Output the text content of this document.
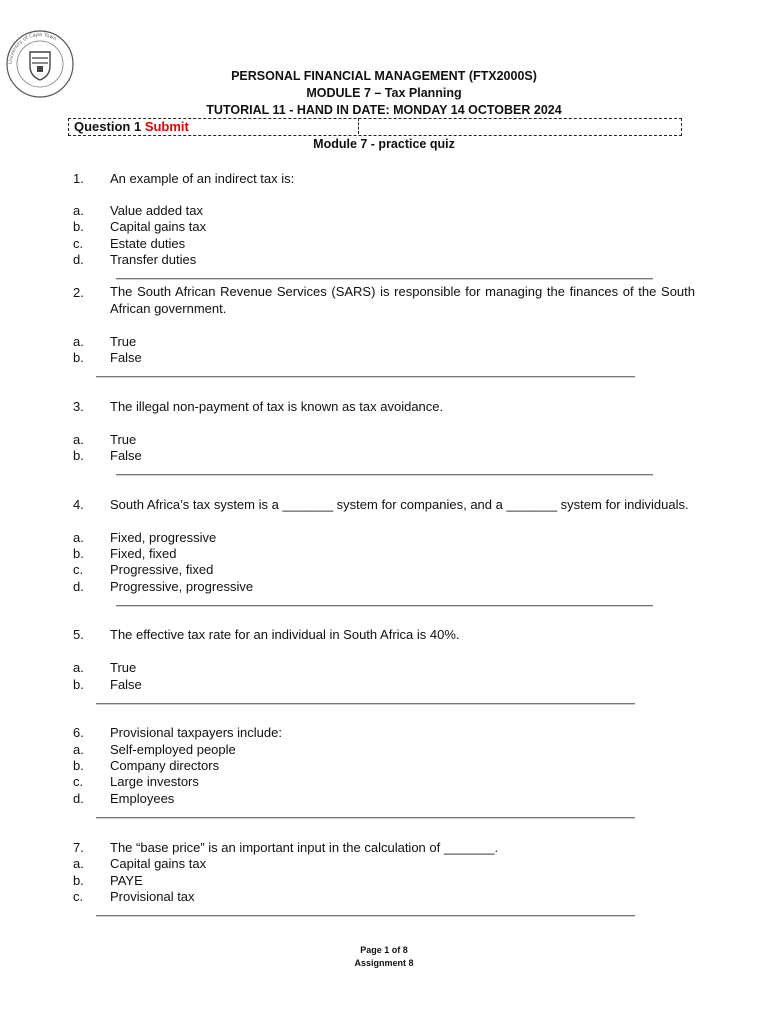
University of Cape Town
PERSONAL FINANCIAL MANAGEMENT (FTX2000S)
MODULE 7 – Tax Planning
TUTORIAL 11 - HAND IN DATE: MONDAY 14 OCTOBER 2024
Question 1 Submit
Module 7 - practice quiz
1. An example of an indirect tax is:
a. Value added tax
b. Capital gains tax
c. Estate duties
d. Transfer duties
2. The South African Revenue Services (SARS) is responsible for managing the finances of the South African government.
a. True
b. False
3. The illegal non-payment of tax is known as tax avoidance.
a. True
b. False
4. South Africa’s tax system is a _______ system for companies, and a _______ system for individuals.
a. Fixed, progressive
b. Fixed, fixed
c. Progressive, fixed
d. Progressive, progressive
5. The effective tax rate for an individual in South Africa is 40%.
a. True
b. False
6. Provisional taxpayers include:
a. Self-employed people
b. Company directors
c. Large investors
d. Employees
7. The “base price” is an important input in the calculation of _______.
a. Capital gains tax
b. PAYE
c. Provisional tax
Page 1 of 8
Assignment 8
